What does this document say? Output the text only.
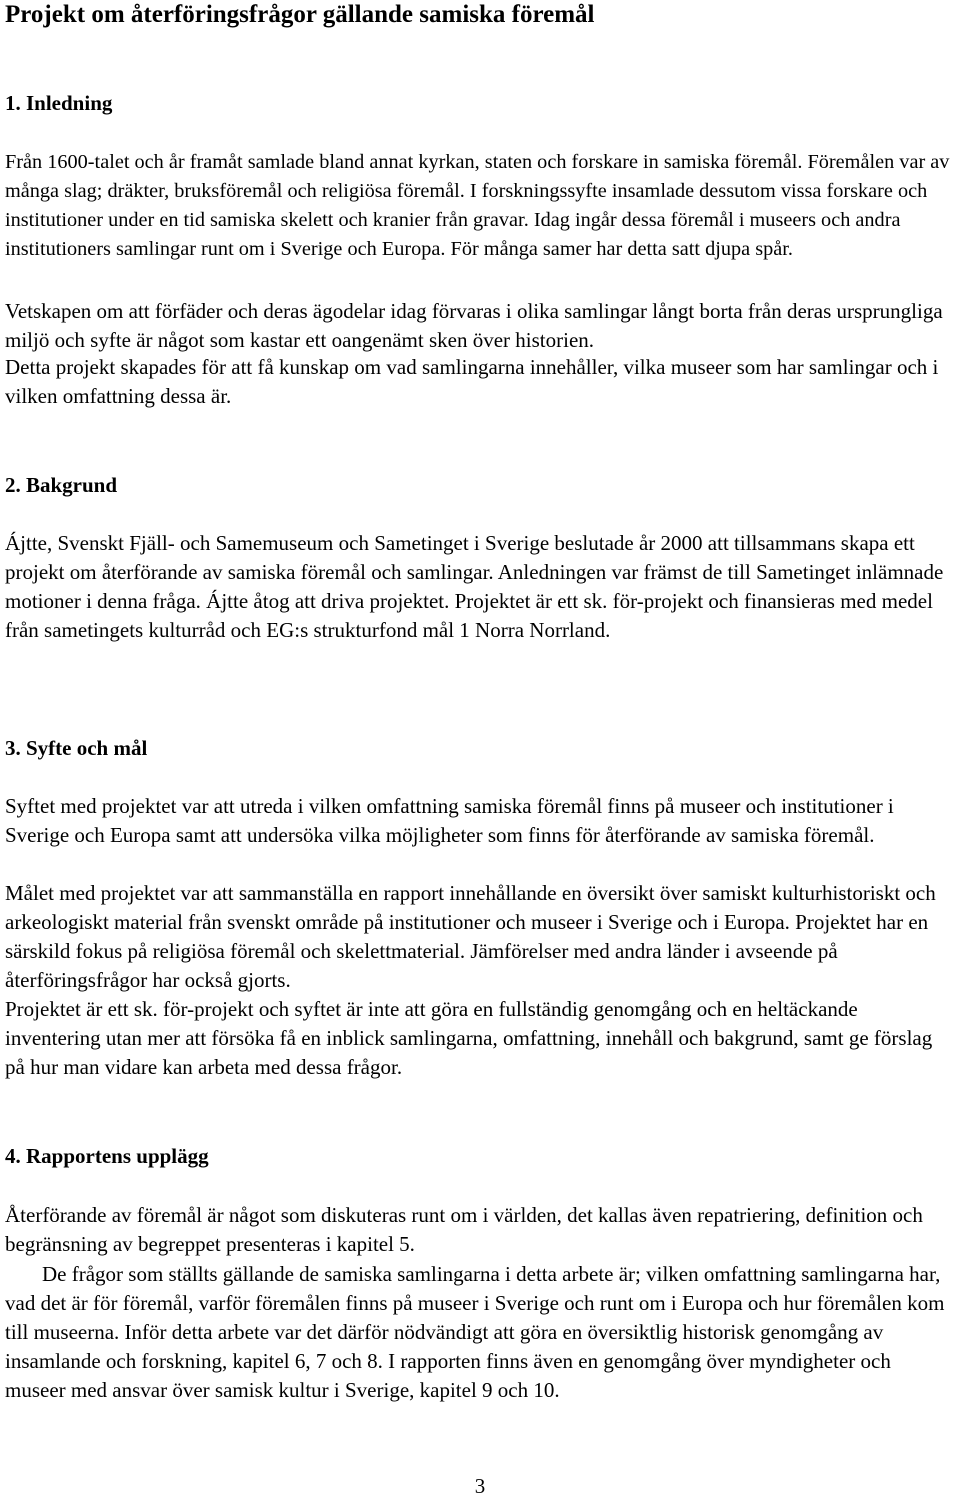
Projekt om återföringsfrågor gällande samiska föremål
1. Inledning

Från 1600-talet och år framåt samlade bland annat kyrkan, staten och forskare in samiska föremål. Föremålen var av många slag; dräkter, bruksföremål och religiösa föremål. I forskningssyfte insamlade dessutom vissa forskare och institutioner under en tid samiska skelett och kranier från gravar. Idag ingår dessa föremål i museers och andra institutioners samlingar runt om i Sverige och Europa. För många samer har detta satt djupa spår.

Vetskapen om att förfäder och deras ägodelar idag förvaras i olika samlingar långt borta från deras ursprungliga miljö och syfte är något som kastar ett oangenämt sken över historien.

Detta projekt skapades för att få kunskap om vad samlingarna innehåller, vilka museer som har samlingar och i vilken omfattning dessa är.

2. Bakgrund

Ájtte, Svenskt Fjäll- och Samemuseum och Sametinget i Sverige beslutade år 2000 att tillsammans skapa ett projekt om återförande av samiska föremål och samlingar. Anledningen var främst de till Sametinget inlämnade motioner i denna fråga. Ájtte åtog att driva projektet. Projektet är ett sk. för-projekt och finansieras med medel från sametingets kulturråd och EG:s strukturfond mål 1 Norra Norrland.

3. Syfte och mål

Syftet med projektet var att utreda i vilken omfattning samiska föremål finns på museer och institutioner i Sverige och Europa samt att undersöka vilka möjligheter som finns för återförande av samiska föremål.

Målet med projektet var att sammanställa en rapport innehållande en översikt över samiskt kulturhistoriskt och arkeologiskt material från svenskt område på institutioner och museer i Sverige och i Europa. Projektet har en särskild fokus på religiösa föremål och skelettmaterial. Jämförelser med andra länder i avseende på återföringsfrågor har också gjorts.

Projektet är ett sk. för-projekt och syftet är inte att göra en fullständig genomgång och en heltäckande inventering utan mer att försöka få en inblick samlingarna, omfattning, innehåll och bakgrund, samt ge förslag på hur man vidare kan arbeta med dessa frågor.

4. Rapportens upplägg

Återförande av föremål är något som diskuteras runt om i världen, det kallas även repatriering, definition och begränsning av begreppet presenteras i kapitel 5.

De frågor som ställts gällande de samiska samlingarna i detta arbete är; vilken omfattning samlingarna har, vad det är för föremål, varför föremålen finns på museer i Sverige och runt om i Europa och hur föremålen kom till museerna. Inför detta arbete var det därför nödvändigt att göra en översiktlig historisk genomgång av insamlande och forskning, kapitel 6, 7 och 8. I rapporten finns även en genomgång över myndigheter och museer med ansvar över samisk kultur i Sverige, kapitel 9 och 10.

3
